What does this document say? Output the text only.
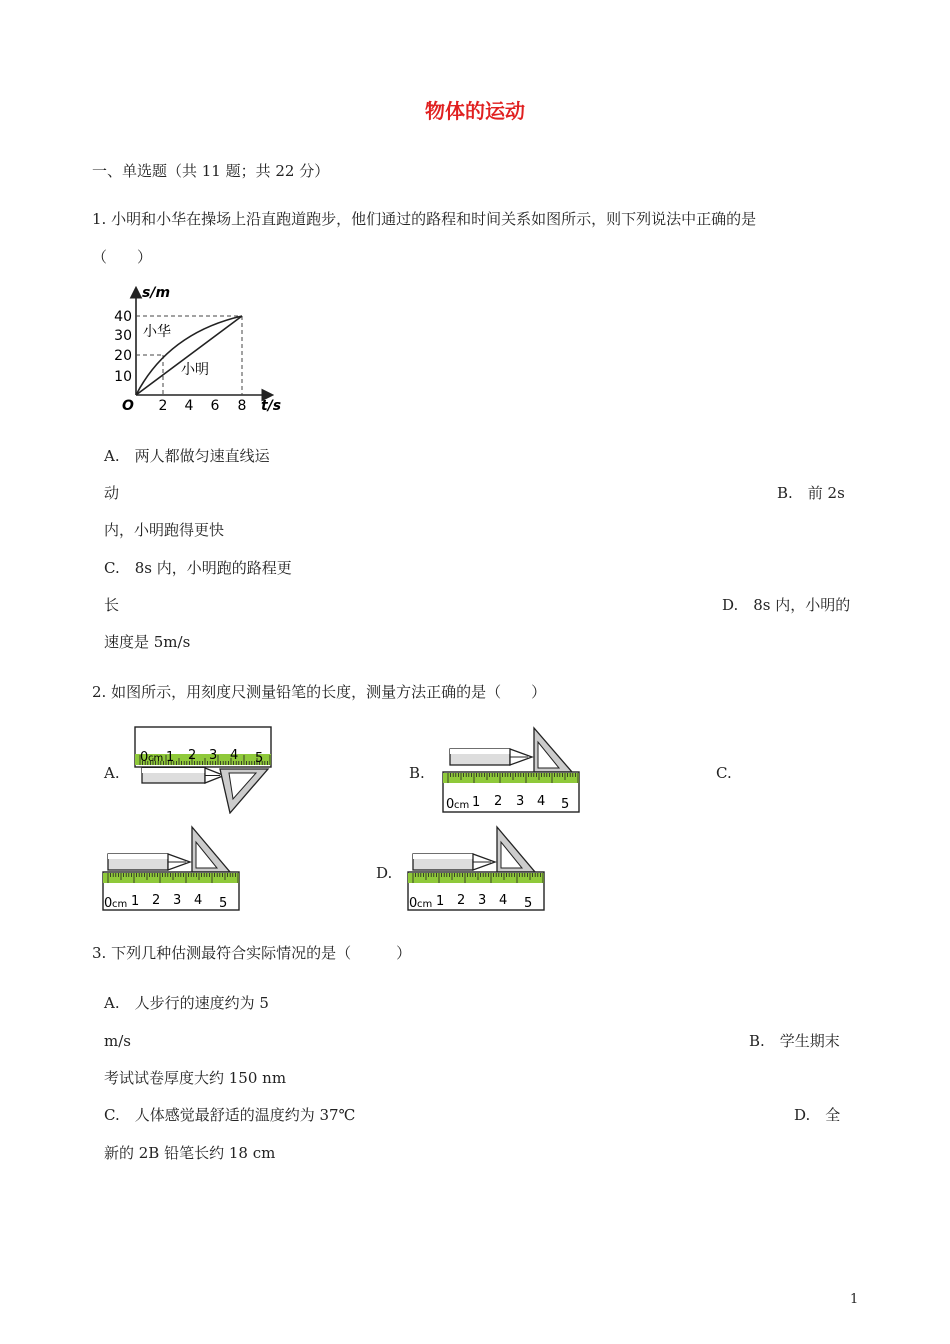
物体的运动
一、单选题（共 11 题；共 22 分）
1. 小明和小华在操场上沿直跑道跑步，他们通过的路程和时间关系如图所示，则下列说法中正确的是
（　　）
s/m
t/s
O
40
30
20
10
2 4 6 8
小华
小明
A.　两人都做匀速直线运
动	B.　前 2s
内，小明跑得更快
C.　8s 内，小明跑的路程更
长	D.　8s 内，小明的
速度是 5m/s
2. 如图所示，用刻度尺测量铅笔的长度，测量方法正确的是（　　）
A.	B.	C.
D.
0 cm 1 2 3 4 5
0 cm 1 2 3 4 5
0 cm 1 2 3 4 5	0 cm 1 2 3 4 5
3. 下列几种估测最符合实际情况的是（　　　）
A.　人步行的速度约为 5
m/s	B.　学生期末
考试试卷厚度大约 150 nm
C.　人体感觉最舒适的温度约为 37℃	D.　全
新的 2B 铅笔长约 18 cm
1
